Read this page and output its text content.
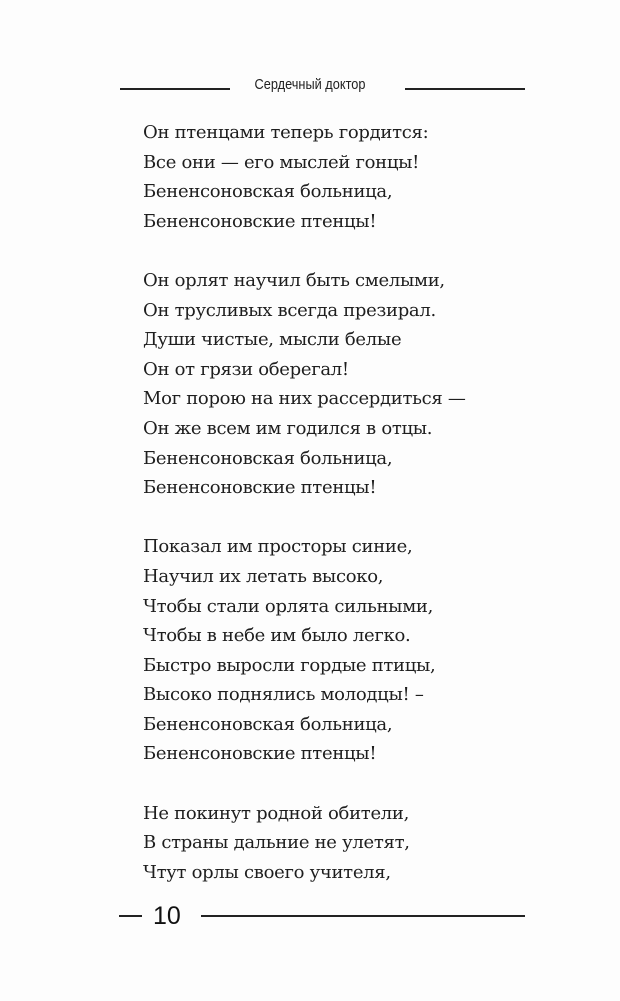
Сердечный доктор
Он птенцами теперь гордится:
Все они — его мыслей гонцы!
Бененсоновская больница,
Бененсоновские птенцы!
Он орлят научил быть смелыми,
Он трусливых всегда презирал.
Души чистые, мысли белые
Он от грязи оберегал!
Мог порою на них рассердиться —
Он же всем им годился в отцы.
Бененсоновская больница,
Бененсоновские птенцы!
Показал им просторы синие,
Научил их летать высоко,
Чтобы стали орлята сильными,
Чтобы в небе им было легко.
Быстро выросли гордые птицы,
Высоко поднялись молодцы! –
Бененсоновская больница,
Бененсоновские птенцы!
Не покинут родной обители,
В страны дальние не улетят,
Чтут орлы своего учителя,
10
